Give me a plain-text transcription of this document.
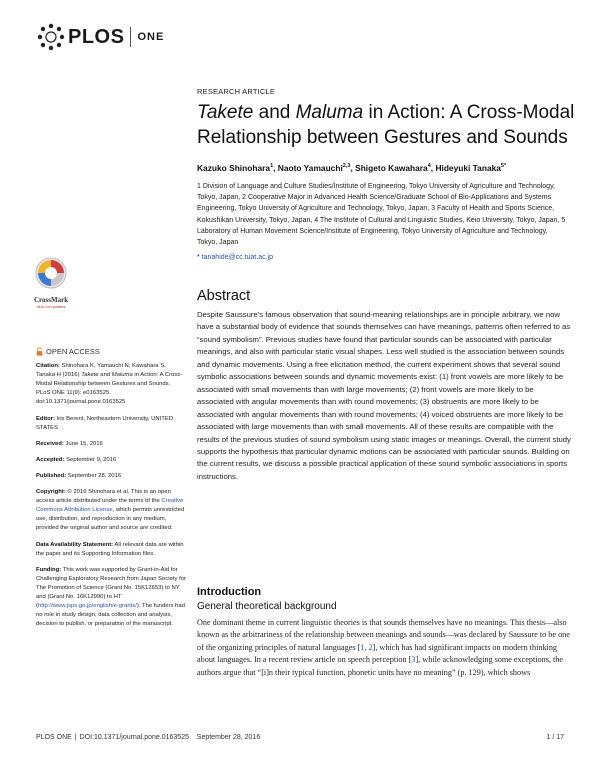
PLOS ONE
RESEARCH ARTICLE
Takete and Maluma in Action: A Cross-Modal Relationship between Gestures and Sounds
Kazuko Shinohara$^1$, Naoto Yamauchi$^{2,3}$, Shigeto Kawahara$^4$, Hideyuki Tanaka$^{5*}$
1 Division of Language and Culture Studies/Institute of Engineering, Tokyo University of Agriculture and Technology, Tokyo, Japan, 2 Cooperative Major in Advanced Health Science/Graduate School of Bio-Applications and Systems Engineering, Tokyo University of Agriculture and Technology, Tokyo, Japan, 3 Faculty of Health and Sports Science, Kokushikan University, Tokyo, Japan, 4 The Institute of Cultural and Linguistic Studies, Keio University, Tokyo, Japan, 5 Laboratory of Human Movement Science/Institute of Engineering, Tokyo University of Agriculture and Technology, Tokyo, Japan
* tanahide@cc.tuat.ac.jp
CrossMark
click for updates
OPEN ACCESS

Citation: Shinohara K, Yamauchi N, Kawahara S, Tanaka H (2016) Takete and Maluma in Action: A Cross-Modal Relationship between Gestures and Sounds. PLoS ONE 11(9): e0163525. doi:10.1371/journal.pone.0163525

Editor: Iris Berent, Northeastern University, UNITED STATES

Received: June 15, 2016

Accepted: September 9, 2016

Published: September 28, 2016

Copyright: © 2016 Shinohara et al. This is an open access article distributed under the terms of the Creative Commons Attribution License, which permits unrestricted use, distribution, and reproduction in any medium, provided the original author and source are credited.

Data Availability Statement: All relevant data are within the paper and its Supporting Information files.

Funding: This work was supported by Grant-in-Aid for Challenging Exploratory Research from Japan Society for The Promotion of Science (Grant No. 15K12653) to NY and (Grant No. 16K12990) to HT (http://www.jsps.go.jp/english/e-grants/). The funders had no role in study design, data collection and analysis, decision to publish, or preparation of the manuscript.

Abstract
Despite Saussure’s famous observation that sound-meaning relationships are in principle arbitrary, we now have a substantial body of evidence that sounds themselves can have meanings, patterns often referred to as “sound symbolism”. Previous studies have found that particular sounds can be associated with particular meanings, and also with particular static visual shapes. Less well studied is the association between sounds and dynamic movements. Using a free elicitation method, the current experiment shows that several sound symbolic associations between sounds and dynamic movements exist: (1) front vowels are more likely to be associated with small movements than with large movements; (2) front vowels are more likely to be associated with angular movements than with round movements; (3) obstruents are more likely to be associated with angular movements than with round movements; (4) voiced obstruents are more likely to be associated with large movements than with small movements. All of these results are compatible with the results of the previous studies of sound symbolism using static images or meanings. Overall, the current study supports the hypothesis that particular dynamic motions can be associated with particular sounds. Building on the current results, we discuss a possible practical application of these sound symbolic associations in sports instructions.
Introduction
General theoretical background
One dominant theme in current linguistic theories is that sounds themselves have no meanings. This thesis—also known as the arbitrariness of the relationship between meanings and sounds—was declared by Saussure to be one of the organizing principles of natural languages [1, 2], which has had significant impacts on modern thinking about languages. In a recent review article on speech perception [3], while acknowledging some exceptions, the authors argue that “[i]n their typical function, phonetic units have no meaning” (p. 129), which shows
PLOS ONE | DOI:10.1371/journal.pone.0163525 September 28, 2016	1 / 17
